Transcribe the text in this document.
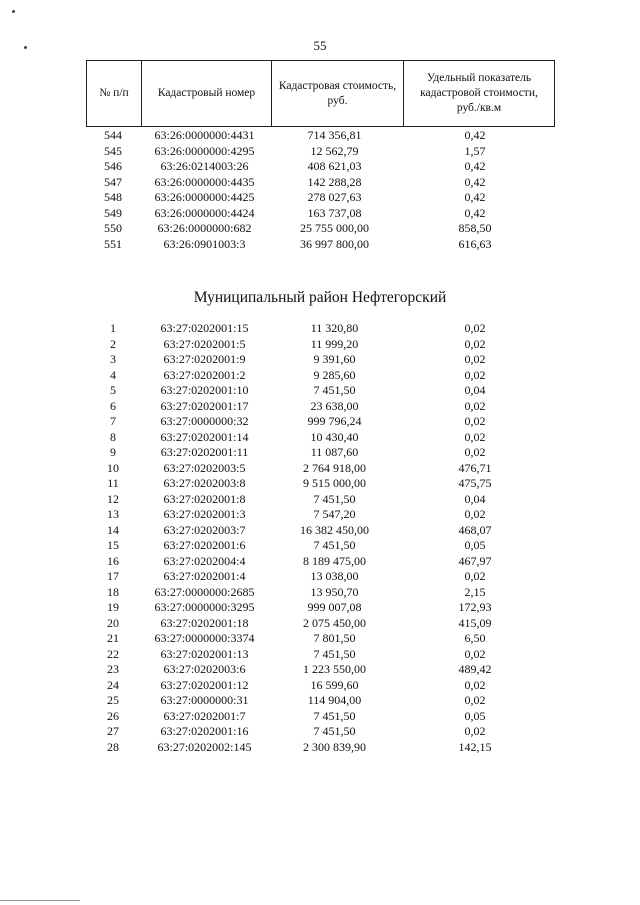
55
№ п/п	Кадастровый номер	Кадастровая стоимость, руб.	Удельный показатель кадастровой стоимости, руб./кв.м
544	63:26:0000000:4431	714 356,81	0,42
545	63:26:0000000:4295	12 562,79	1,57
546	63:26:0214003:26	408 621,03	0,42
547	63:26:0000000:4435	142 288,28	0,42
548	63:26:0000000:4425	278 027,63	0,42
549	63:26:0000000:4424	163 737,08	0,42
550	63:26:0000000:682	25 755 000,00	858,50
551	63:26:0901003:3	36 997 800,00	616,63
Муниципальный район Нефтегорский
1	63:27:0202001:15	11 320,80	0,02
2	63:27:0202001:5	11 999,20	0,02
3	63:27:0202001:9	9 391,60	0,02
4	63:27:0202001:2	9 285,60	0,02
5	63:27:0202001:10	7 451,50	0,04
6	63:27:0202001:17	23 638,00	0,02
7	63:27:0000000:32	999 796,24	0,02
8	63:27:0202001:14	10 430,40	0,02
9	63:27:0202001:11	11 087,60	0,02
10	63:27:0202003:5	2 764 918,00	476,71
11	63:27:0202003:8	9 515 000,00	475,75
12	63:27:0202001:8	7 451,50	0,04
13	63:27:0202001:3	7 547,20	0,02
14	63:27:0202003:7	16 382 450,00	468,07
15	63:27:0202001:6	7 451,50	0,05
16	63:27:0202004:4	8 189 475,00	467,97
17	63:27:0202001:4	13 038,00	0,02
18	63:27:0000000:2685	13 950,70	2,15
19	63:27:0000000:3295	999 007,08	172,93
20	63:27:0202001:18	2 075 450,00	415,09
21	63:27:0000000:3374	7 801,50	6,50
22	63:27:0202001:13	7 451,50	0,02
23	63:27:0202003:6	1 223 550,00	489,42
24	63:27:0202001:12	16 599,60	0,02
25	63:27:0000000:31	114 904,00	0,02
26	63:27:0202001:7	7 451,50	0,05
27	63:27:0202001:16	7 451,50	0,02
28	63:27:0202002:145	2 300 839,90	142,15
